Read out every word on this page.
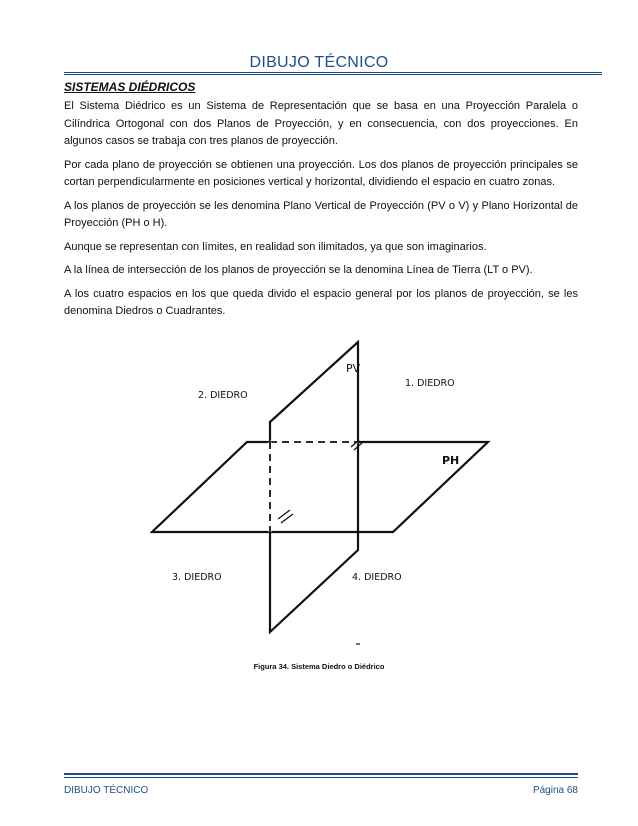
DIBUJO TÉCNICO
SISTEMAS DIÉDRICOS

El Sistema Diédrico es un Sistema de Representación que se basa en una Proyección Paralela o Cilíndrica Ortogonal con dos Planos de Proyección, y en consecuencia, con dos proyecciones. En algunos casos se trabaja con tres planos de proyección.

Por cada plano de proyección se obtienen una proyección. Los dos planos de proyección principales se cortan perpendicularmente en posiciones vertical y horizontal, dividiendo el espacio en cuatro zonas.

A los planos de proyección se les denomina Plano Vertical de Proyección (PV o V) y Plano Horizontal de Proyección (PH o H).

Aunque se representan con límites, en realidad son ilimitados, ya que son imaginarios.

A la línea de intersección de los planos de proyección se la denomina Línea de Tierra (LT o PV).

A los cuatro espacios en los que queda divido el espacio general por los planos de proyección, se les denomina Diedros o Cuadrantes.

PV
PH
1. DIEDRO
2. DIEDRO
3. DIEDRO	4. DIEDRO
Figura 34. Sistema Diedro o Diédrico
DIBUJO TÉCNICO	Página 68
